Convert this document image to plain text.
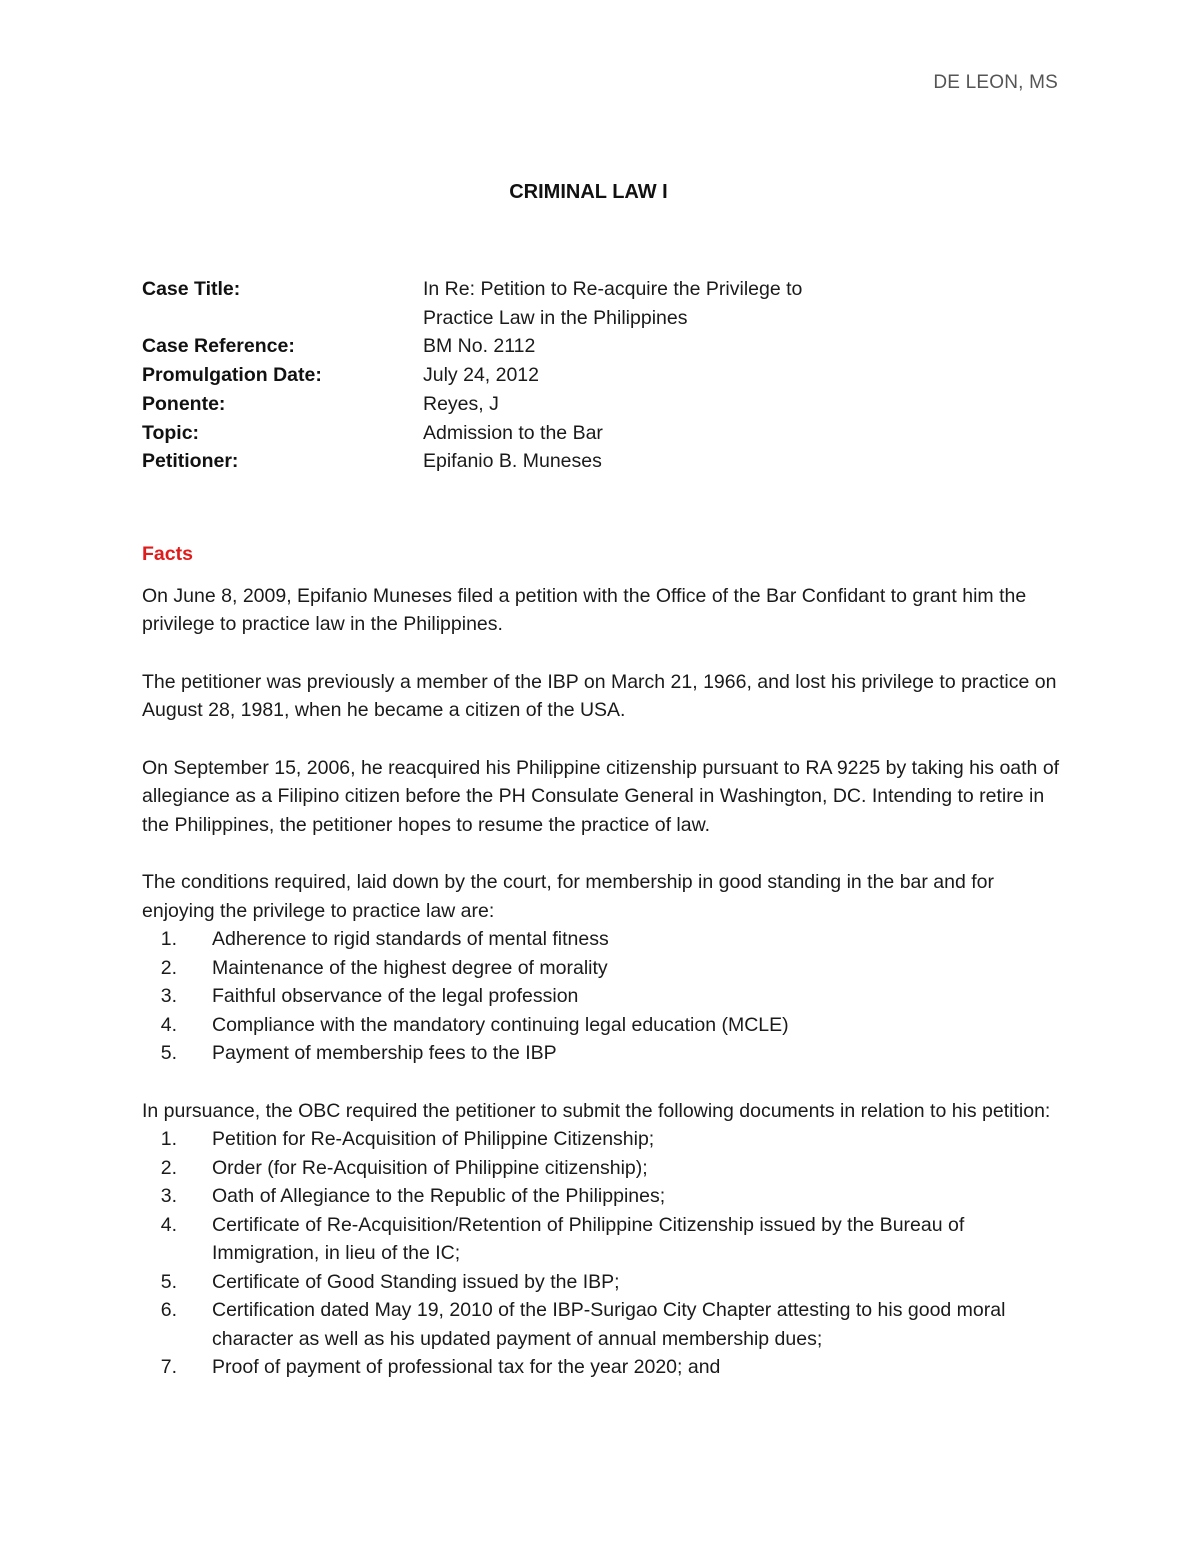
DE LEON, MS
CRIMINAL LAW I
Case Title:	In Re: Petition to Re-acquire the Privilege to Practice Law in the Philippines
Case Reference:	BM No. 2112
Promulgation Date:	July 24, 2012
Ponente:	Reyes, J
Topic:	Admission to the Bar
Petitioner:	Epifanio B. Muneses
Facts

On June 8, 2009, Epifanio Muneses filed a petition with the Office of the Bar Confidant to grant him the privilege to practice law in the Philippines.

The petitioner was previously a member of the IBP on March 21, 1966, and lost his privilege to practice on August 28, 1981, when he became a citizen of the USA.

On September 15, 2006, he reacquired his Philippine citizenship pursuant to RA 9225 by taking his oath of allegiance as a Filipino citizen before the PH Consulate General in Washington, DC. Intending to retire in the Philippines, the petitioner hopes to resume the practice of law.

The conditions required, laid down by the court, for membership in good standing in the bar and for enjoying the privilege to practice law are:

1.	Adherence to rigid standards of mental fitness
2.	Maintenance of the highest degree of morality
3.	Faithful observance of the legal profession
4.	Compliance with the mandatory continuing legal education (MCLE)
5.	Payment of membership fees to the IBP

In pursuance, the OBC required the petitioner to submit the following documents in relation to his petition:

1.	Petition for Re-Acquisition of Philippine Citizenship;
2.	Order (for Re-Acquisition of Philippine citizenship);
3.	Oath of Allegiance to the Republic of the Philippines;
4.	Certificate of Re-Acquisition/Retention of Philippine Citizenship issued by the Bureau of Immigration, in lieu of the IC;
5.	Certificate of Good Standing issued by the IBP;
6.	Certification dated May 19, 2010 of the IBP-Surigao City Chapter attesting to his good moral character as well as his updated payment of annual membership dues;
7.	Proof of payment of professional tax for the year 2020; and
